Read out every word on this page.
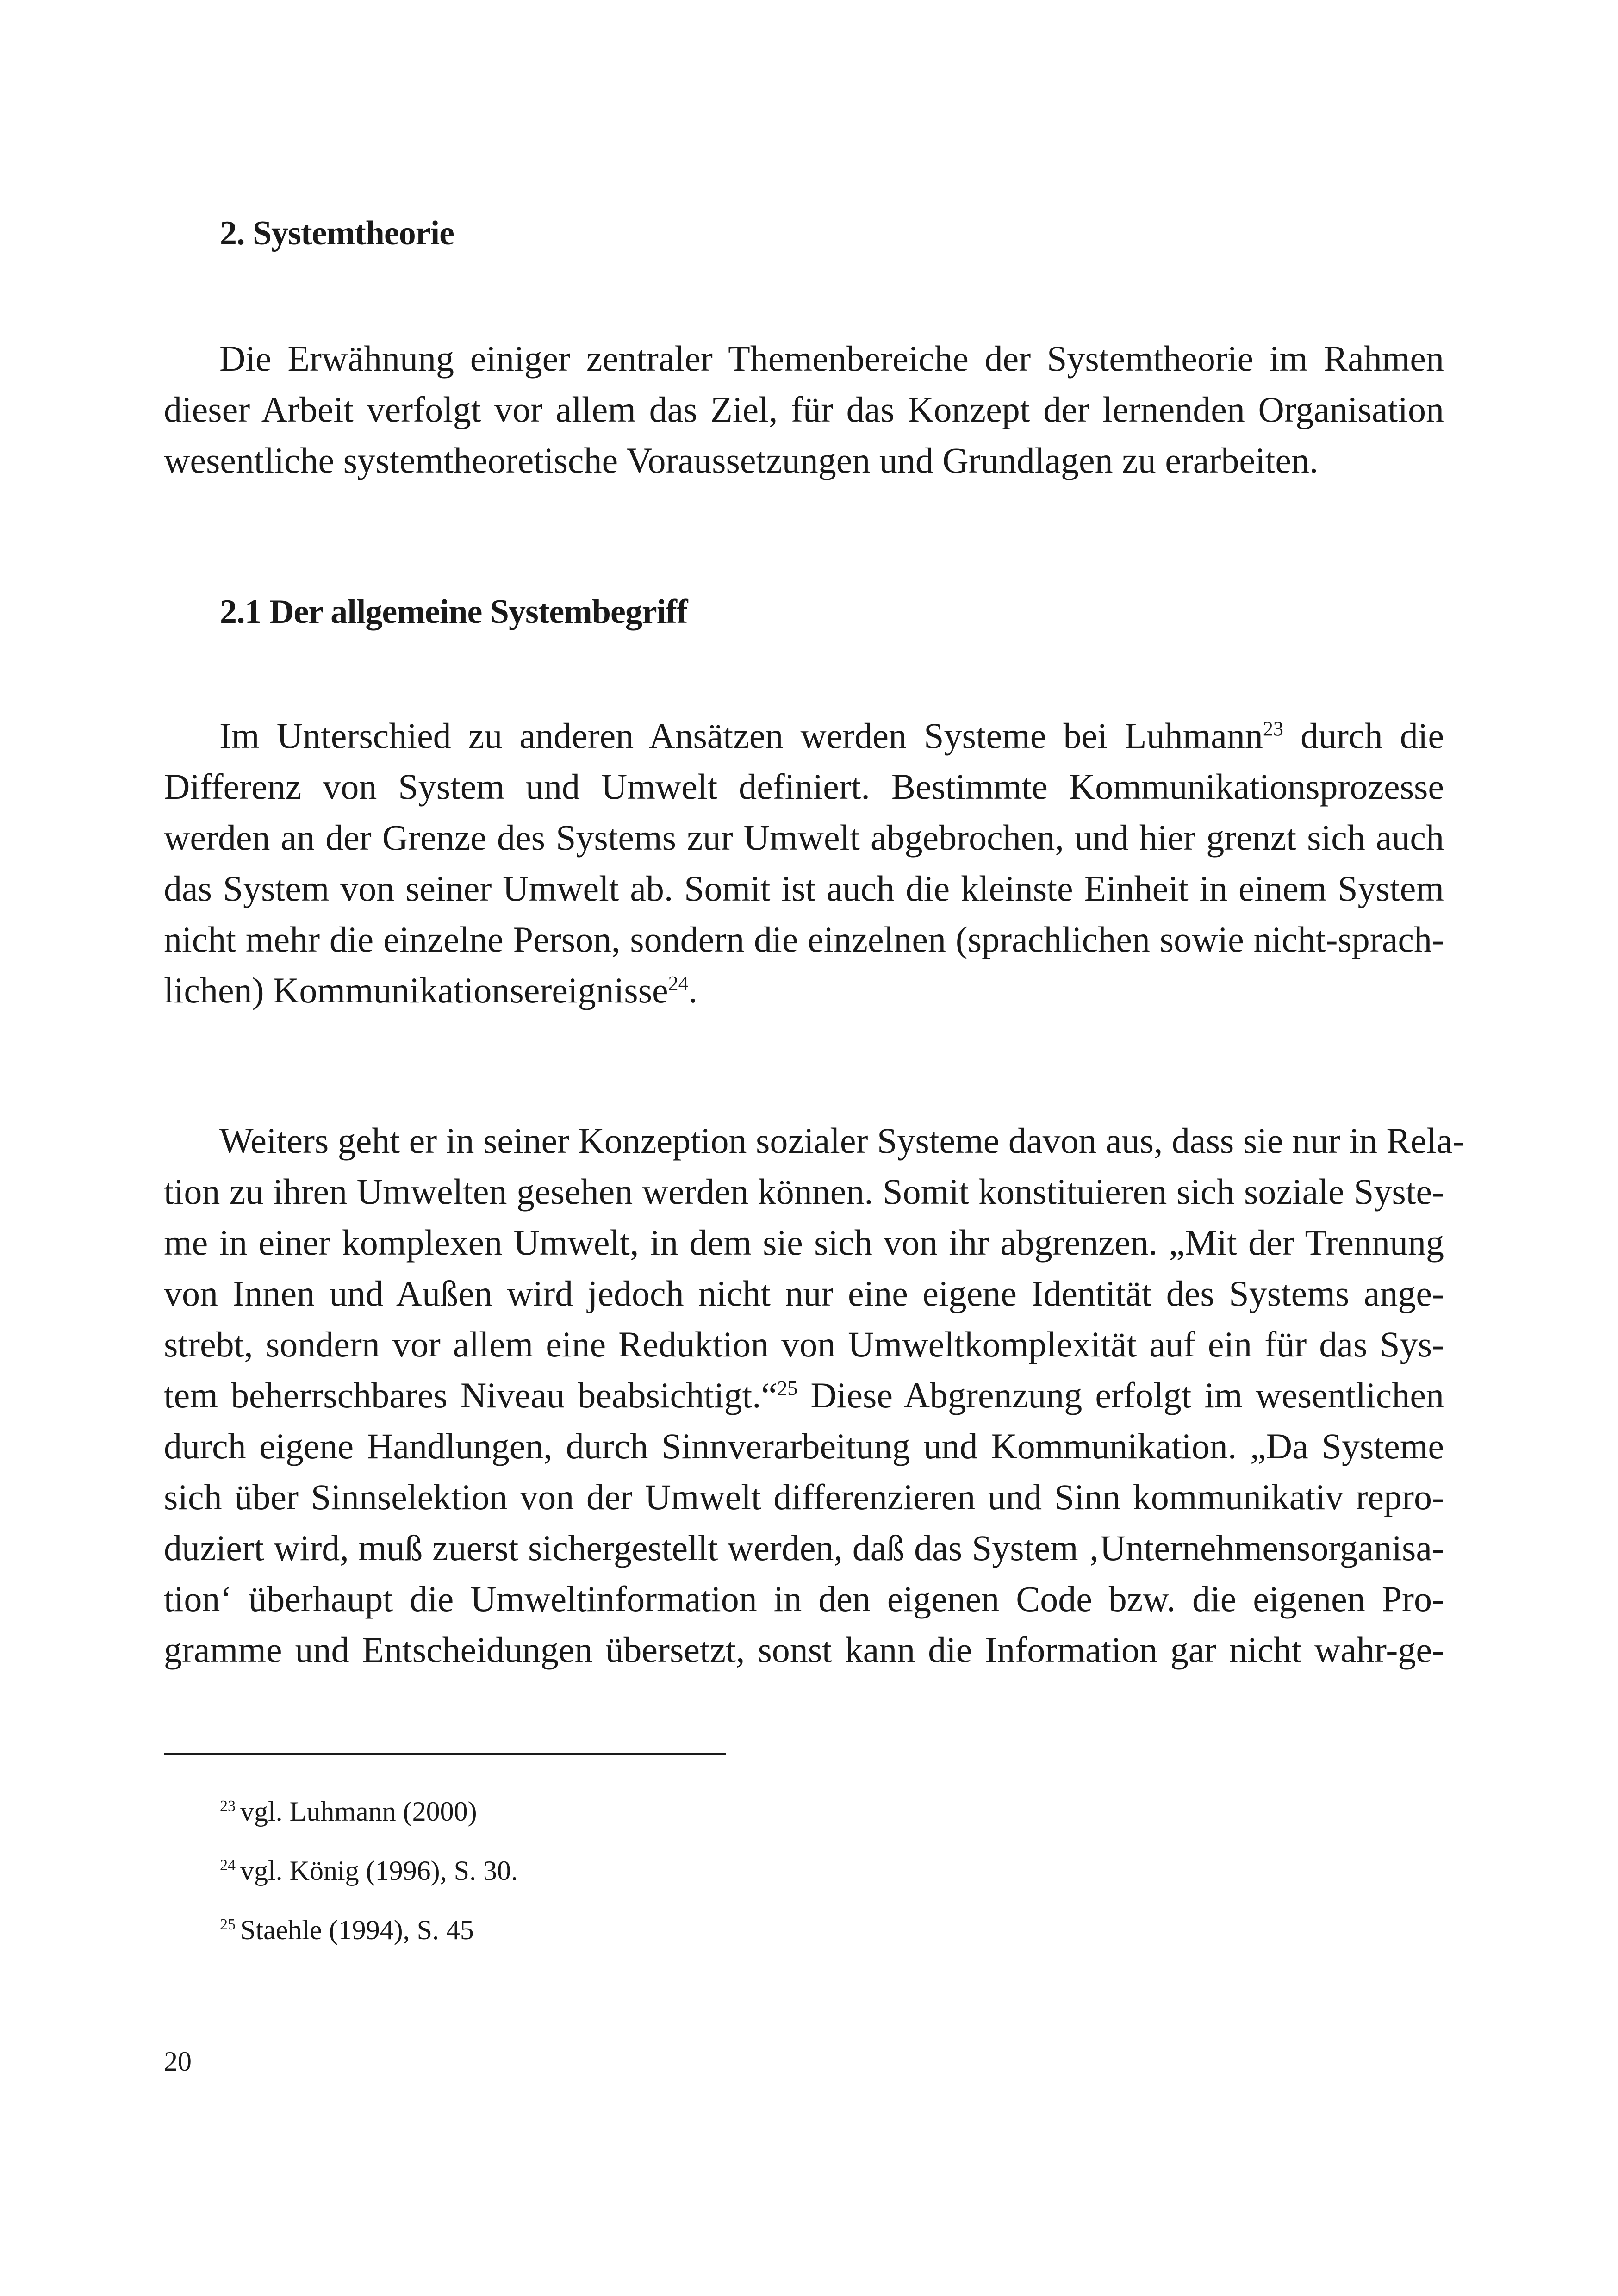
2. Systemtheorie
Die Erwähnung einiger zentraler Themenbereiche der Systemtheorie im Rahmen
dieser Arbeit verfolgt vor allem das Ziel, für das Konzept der lernenden Organisation
wesentliche systemtheoretische Voraussetzungen und Grundlagen zu erarbeiten.
2.1 Der allgemeine Systembegriff
Im Unterschied zu anderen Ansätzen werden Systeme bei Luhmann$^{23}$ durch die
Differenz von System und Umwelt definiert. Bestimmte Kommunikationsprozesse
werden an der Grenze des Systems zur Umwelt abgebrochen, und hier grenzt sich auch
das System von seiner Umwelt ab. Somit ist auch die kleinste Einheit in einem System
nicht mehr die einzelne Person, sondern die einzelnen (sprachlichen sowie nicht-sprach-
lichen) Kommunikationsereignisse$^{24}$.
Weiters geht er in seiner Konzeption sozialer Systeme davon aus, dass sie nur in Rela-
tion zu ihren Umwelten gesehen werden können. Somit konstituieren sich soziale Syste-
me in einer komplexen Umwelt, in dem sie sich von ihr abgrenzen. „Mit der Trennung
von Innen und Außen wird jedoch nicht nur eine eigene Identität des Systems ange-
strebt, sondern vor allem eine Reduktion von Umweltkomplexität auf ein für das Sys-
tem beherrschbares Niveau beabsichtigt.“$^{25}$ Diese Abgrenzung erfolgt im wesentlichen
durch eigene Handlungen, durch Sinnverarbeitung und Kommunikation. „Da Systeme
sich über Sinnselektion von der Umwelt differenzieren und Sinn kommunikativ repro-
duziert wird, muß zuerst sichergestellt werden, daß das System ‚Unternehmensorganisa-
tion‘ überhaupt die Umweltinformation in den eigenen Code bzw. die eigenen Pro-
gramme und Entscheidungen übersetzt, sonst kann die Information gar nicht wahr-ge-

$^{23}$ vgl. Luhmann (2000)

$^{24}$ vgl. König (1996), S. 30.

$^{25}$ Staehle (1994), S. 45

20
